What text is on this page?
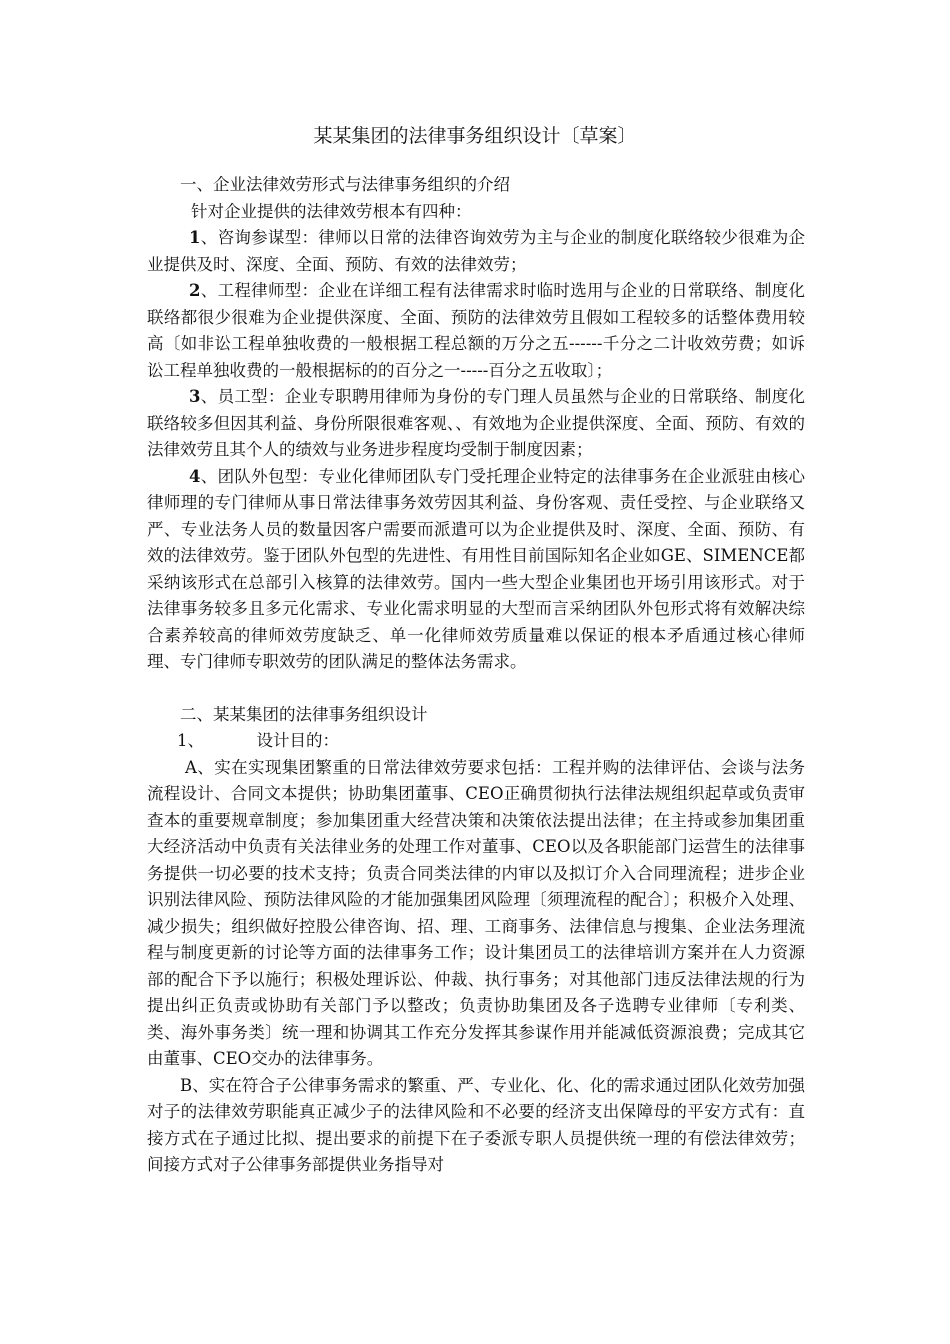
某某集团的法律事务组织设计〔草案〕

一、企业法律效劳形式与法律事务组织的介绍

针对企业提供的法律效劳根本有四种：

1、咨询参谋型：律师以日常的法律咨询效劳为主与企业的制度化联络较少很难为企业提供及时、深度、全面、预防、有效的法律效劳；

2、工程律师型：企业在详细工程有法律需求时临时选用与企业的日常联络、制度化联络都很少很难为企业提供深度、全面、预防的法律效劳且假如工程较多的话整体费用较高〔如非讼工程单独收费的一般根据工程总额的万分之五------千分之二计收效劳费；如诉讼工程单独收费的一般根据标的的百分之一-----百分之五收取〕；

3、员工型：企业专职聘用律师为身份的专门理人员虽然与企业的日常联络、制度化联络较多但因其利益、身份所限很难客观、、有效地为企业提供深度、全面、预防、有效的法律效劳且其个人的绩效与业务进步程度均受制于制度因素；

4、团队外包型：专业化律师团队专门受托理企业特定的法律事务在企业派驻由核心律师理的专门律师从事日常法律事务效劳因其利益、身份客观、责任受控、与企业联络又严、专业法务人员的数量因客户需要而派遣可以为企业提供及时、深度、全面、预防、有效的法律效劳。鉴于团队外包型的先进性、有用性目前国际知名企业如GE、SIMENCE都采纳该形式在总部引入核算的法律效劳。国内一些大型企业集团也开场引用该形式。对于法律事务较多且多元化需求、专业化需求明显的大型而言采纳团队外包形式将有效解决综合素养较高的律师效劳度缺乏、单一化律师效劳质量难以保证的根本矛盾通过核心律师理、专门律师专职效劳的团队满足的整体法务需求。

二、某某集团的法律事务组织设计

1、	设计目的：

A、实在实现集团繁重的日常法律效劳要求包括：工程并购的法律评估、会谈与法务流程设计、合同文本提供；协助集团董事、CEO正确贯彻执行法律法规组织起草或负责审查本的重要规章制度；参加集团重大经营决策和决策依法提出法律；在主持或参加集团重大经济活动中负责有关法律业务的处理工作对董事、CEO以及各职能部门运营生的法律事务提供一切必要的技术支持；负责合同类法律的内审以及拟订介入合同理流程；进步企业识别法律风险、预防法律风险的才能加强集团风险理〔须理流程的配合〕；积极介入处理、减少损失；组织做好控股公律咨询、招、理、工商事务、法律信息与搜集、企业法务理流程与制度更新的讨论等方面的法律事务工作；设计集团员工的法律培训方案并在人力资源部的配合下予以施行；积极处理诉讼、仲裁、执行事务；对其他部门违反法律法规的行为提出纠正负责或协助有关部门予以整改；负责协助集团及各子选聘专业律师〔专利类、类、海外事务类〕统一理和协调其工作充分发挥其参谋作用并能减低资源浪费；完成其它由董事、CEO交办的法律事务。

B、实在符合子公律事务需求的繁重、严、专业化、化、化的需求通过团队化效劳加强对子的法律效劳职能真正减少子的法律风险和不必要的经济支出保障母的平安方式有：直接方式在子通过比拟、提出要求的前提下在子委派专职人员提供统一理的有偿法律效劳；间接方式对子公律事务部提供业务指导对
